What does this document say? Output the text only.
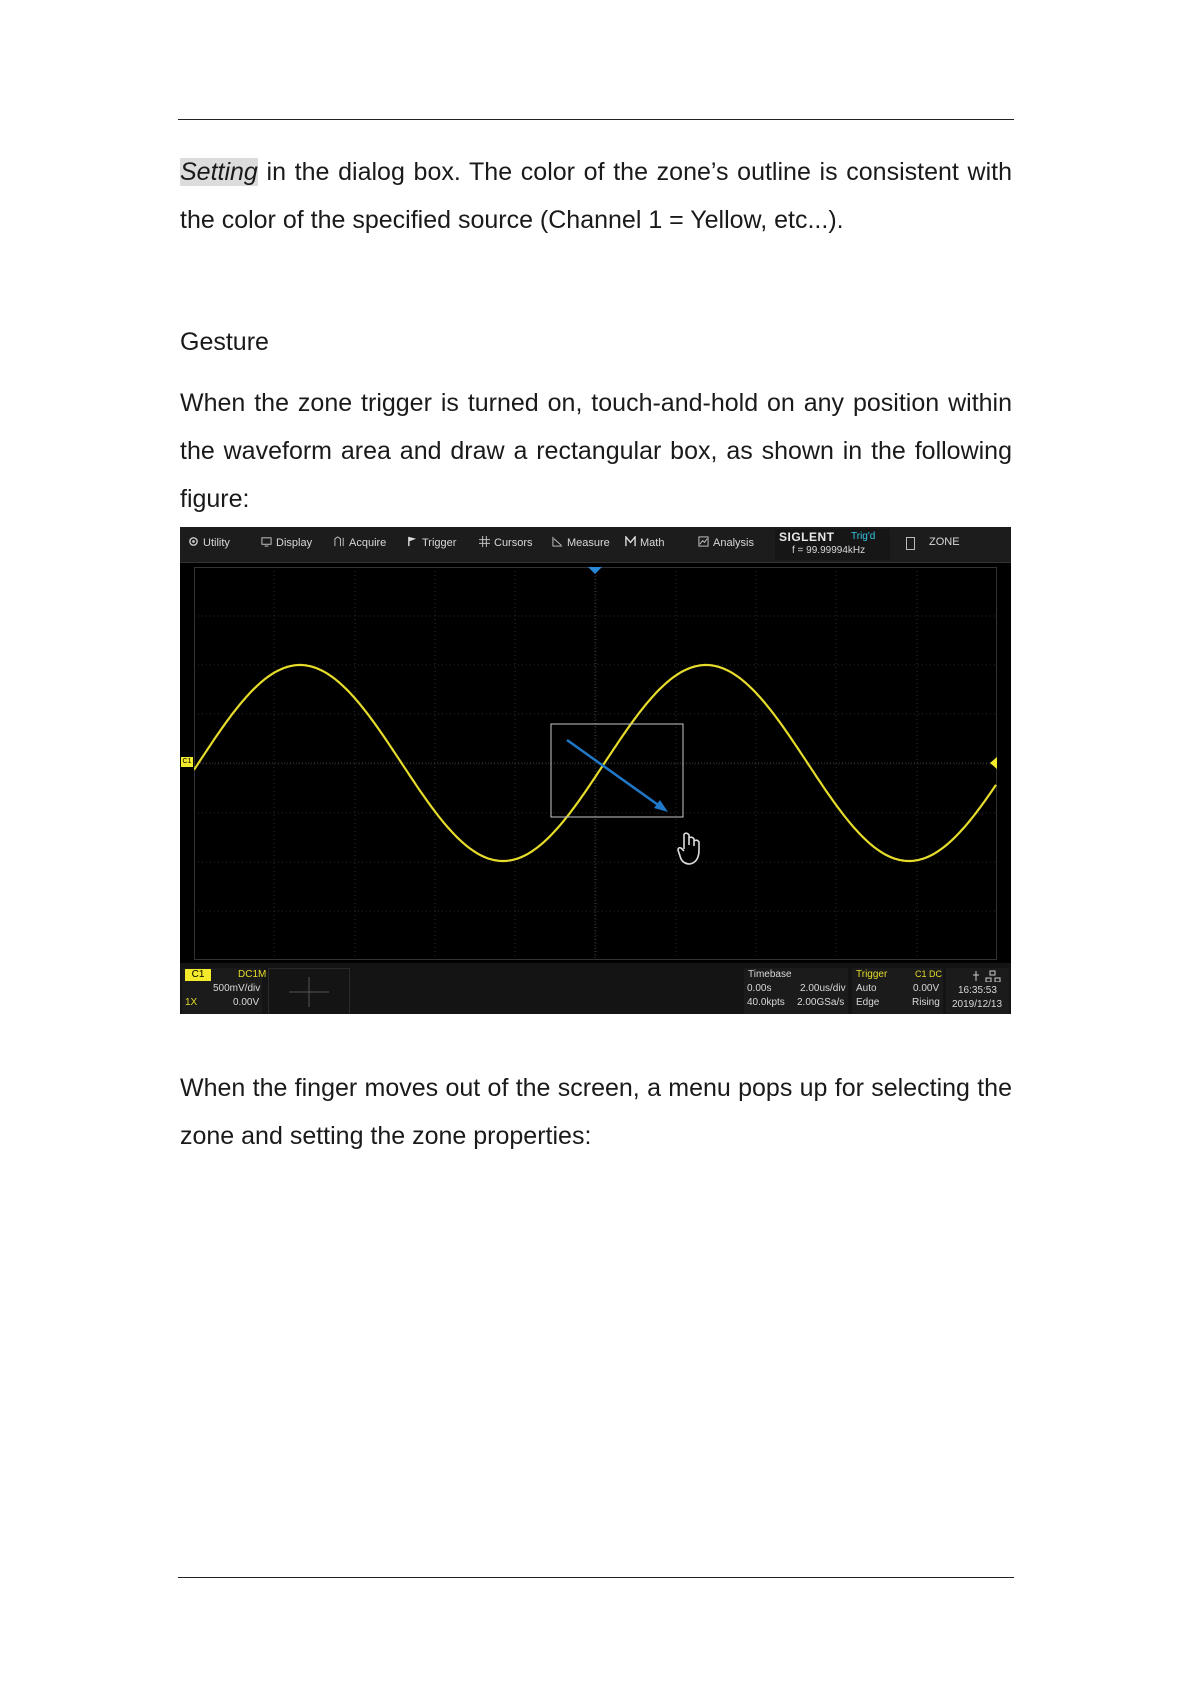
Setting in the dialog box. The color of the zone’s outline is consistent with the color of the specified source (Channel 1 = Yellow, etc...).
Gesture
When the zone trigger is turned on, touch-and-hold on any position within the waveform area and draw a rectangular box, as shown in the following figure:
Utility	Display	Acquire	Trigger	Cursors	Measure	Math	Analysis SIGLENT Trig'd
f = 99.99994kHz
ZONE
C1
C1	DC1M
500mV/div
1X	0.00V
Timebase
0.00s	2.00us/div
40.0kpts 2.00GSa/s
Trigger	C1 DC
Auto	0.00V
Edge	Rising
16:35:53
2019/12/13
When the finger moves out of the screen, a menu pops up for selecting the zone and setting the zone properties:
